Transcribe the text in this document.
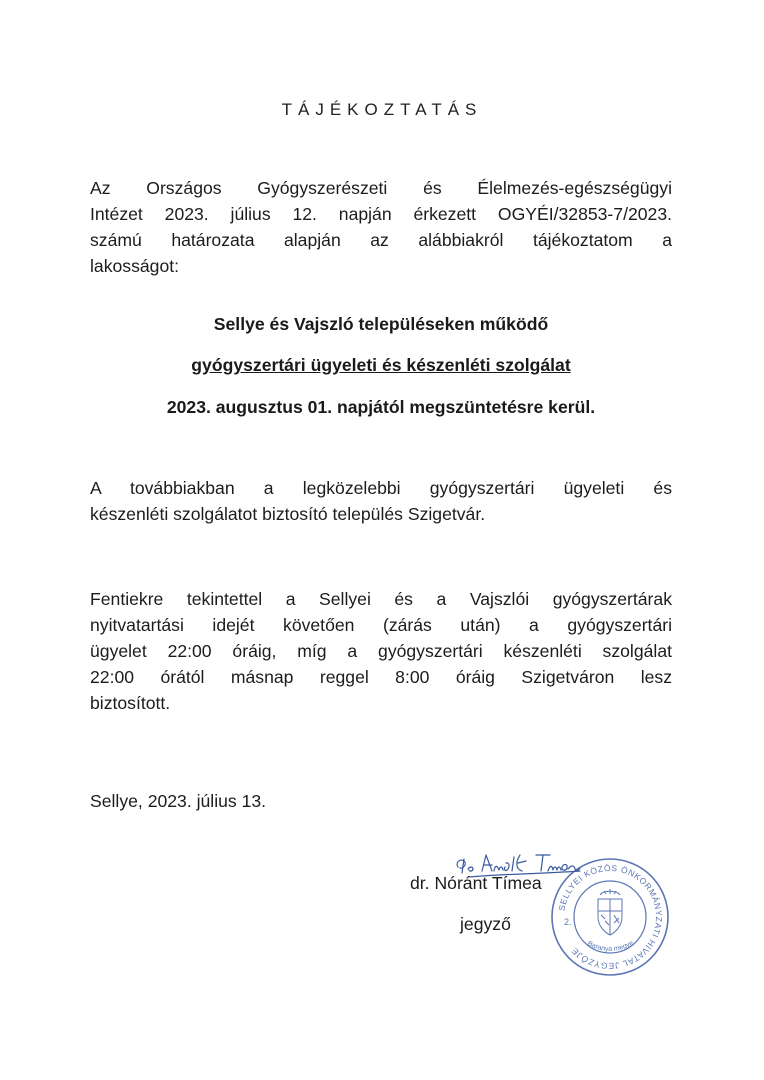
TÁJÉKOZTATÁS
Az Országos Gyógyszerészeti és Élelmezés-egészségügyi
Intézet 2023. július 12. napján érkezett OGYÉI/32853-7/2023.
számú határozata alapján az alábbiakról tájékoztatom a
lakosságot:
Sellye és Vajszló településeken működő
gyógyszertári ügyeleti és készenléti szolgálat
2023. augusztus 01. napjától megszüntetésre kerül.
A továbbiakban a legközelebbi gyógyszertári ügyeleti és
készenléti szolgálatot biztosító település Szigetvár.
Fentiekre tekintettel a Sellyei és a Vajszlói gyógyszertárak
nyitvatartási idejét követően (zárás után) a gyógyszertári
ügyelet 22:00 óráig, míg a gyógyszertári készenléti szolgálat
22:00 órától másnap reggel 8:00 óráig Szigetváron lesz
biztosított.
Sellye, 2023. július 13.
dr. Nóránt Tímea
jegyző
SELLYEI KÖZÖS ÖNKORMÁNYZATI HIVATAL JEGYZŐJE
Baranya megye
2.
